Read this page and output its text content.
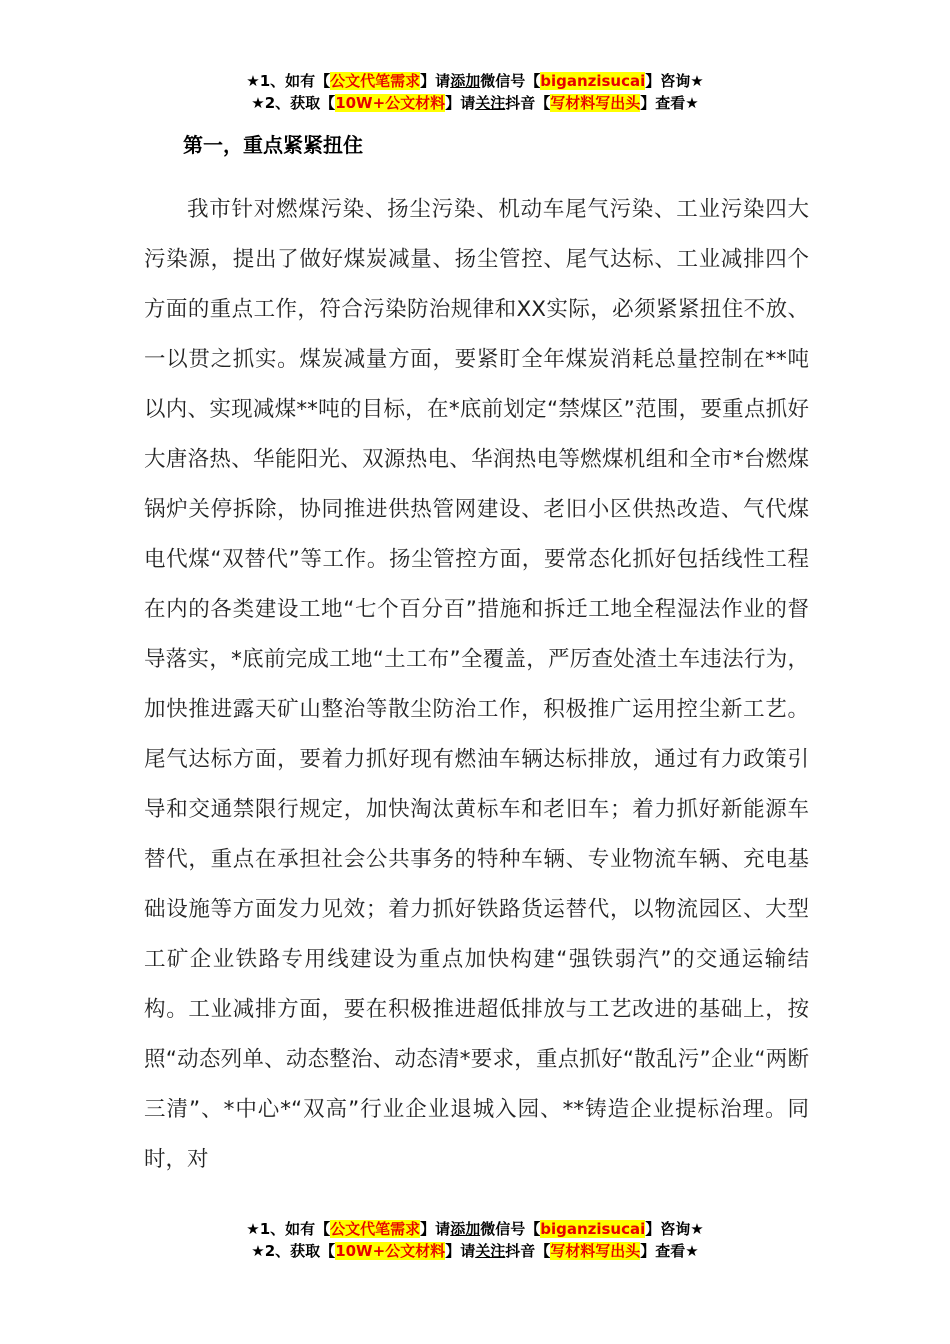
★1、如有【公文代笔需求】请添加微信号【biganzisucai】咨询★
★2、获取【10W+公文材料】请关注抖音【写材料写出头】查看★
第一，重点紧紧扭住

我市针对燃煤污染、扬尘污染、机动车尾气污染、工业污染四大污染源，提出了做好煤炭减量、扬尘管控、尾气达标、工业减排四个方面的重点工作，符合污染防治规律和XX实际，必须紧紧扭住不放、一以贯之抓实。煤炭减量方面，要紧盯全年煤炭消耗总量控制在**吨以内、实现减煤**吨的目标，在*底前划定“禁煤区”范围，要重点抓好大唐洛热、华能阳光、双源热电、华润热电等燃煤机组和全市*台燃煤锅炉关停拆除，协同推进供热管网建设、老旧小区供热改造、气代煤电代煤“双替代”等工作。扬尘管控方面，要常态化抓好包括线性工程在内的各类建设工地“七个百分百”措施和拆迁工地全程湿法作业的督导落实，*底前完成工地“土工布”全覆盖，严厉查处渣土车违法行为，加快推进露天矿山整治等散尘防治工作，积极推广运用控尘新工艺。尾气达标方面，要着力抓好现有燃油车辆达标排放，通过有力政策引导和交通禁限行规定，加快淘汰黄标车和老旧车；着力抓好新能源车替代，重点在承担社会公共事务的特种车辆、专业物流车辆、充电基础设施等方面发力见效；着力抓好铁路货运替代，以物流园区、大型工矿企业铁路专用线建设为重点加快构建“强铁弱汽”的交通运输结构。工业减排方面，要在积极推进超低排放与工艺改进的基础上，按照“动态列单、动态整治、动态清*要求，重点抓好“散乱污”企业“两断三清”、*中心*“双高”行业企业退城入园、**铸造企业提标治理。同时，对

★1、如有【公文代笔需求】请添加微信号【biganzisucai】咨询★
★2、获取【10W+公文材料】请关注抖音【写材料写出头】查看★
